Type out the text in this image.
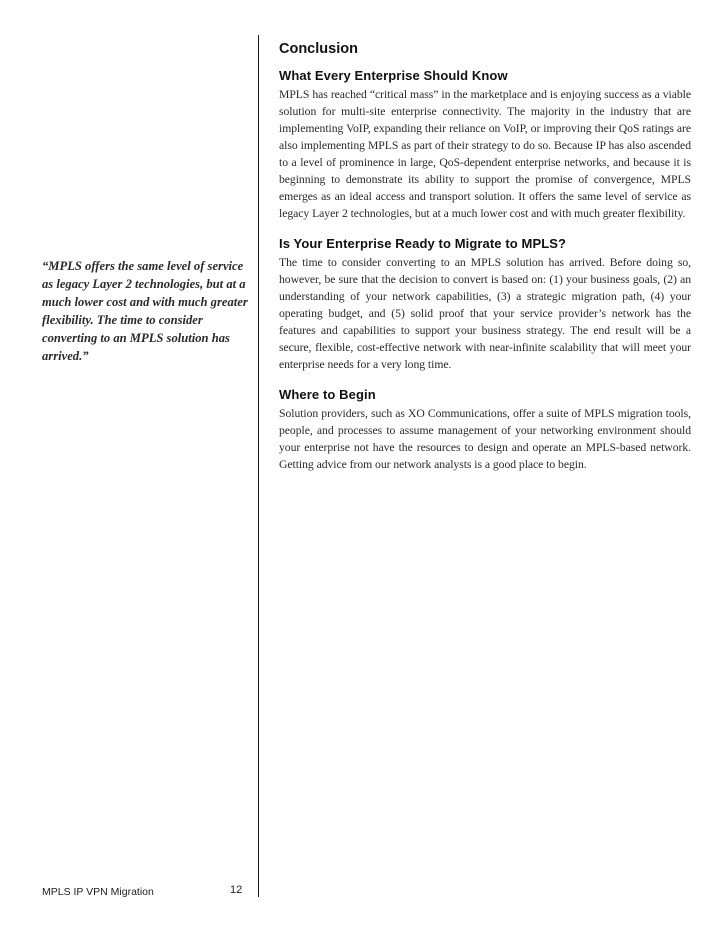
“MPLS offers the same level of service as legacy Layer 2 technologies, but at a much lower cost and with much greater flexibility. The time to consider converting to an MPLS solution has arrived.”

Conclusion
What Every Enterprise Should Know

MPLS has reached “critical mass” in the marketplace and is enjoying success as a viable solution for multi-site enterprise connectivity. The majority in the industry that are implementing VoIP, expanding their reliance on VoIP, or improving their QoS ratings are also implementing MPLS as part of their strategy to do so. Because IP has also ascended to a level of prominence in large, QoS-dependent enterprise networks, and because it is beginning to demonstrate its ability to support the promise of convergence, MPLS emerges as an ideal access and transport solution. It offers the same level of service as legacy Layer 2 technologies, but at a much lower cost and with much greater flexibility.

Is Your Enterprise Ready to Migrate to MPLS?

The time to consider converting to an MPLS solution has arrived. Before doing so, however, be sure that the decision to convert is based on: (1) your business goals, (2) an understanding of your network capabilities, (3) a strategic migration path, (4) your operating budget, and (5) solid proof that your service provider’s network has the features and capabilities to support your business strategy. The end result will be a secure, flexible, cost-effective network with near-infinite scalability that will meet your enterprise needs for a very long time.

Where to Begin

Solution providers, such as XO Communications, offer a suite of MPLS migration tools, people, and processes to assume management of your networking environment should your enterprise not have the resources to design and operate an MPLS-based network. Getting advice from our network analysts is a good place to begin.

MPLS IP VPN Migration	12
